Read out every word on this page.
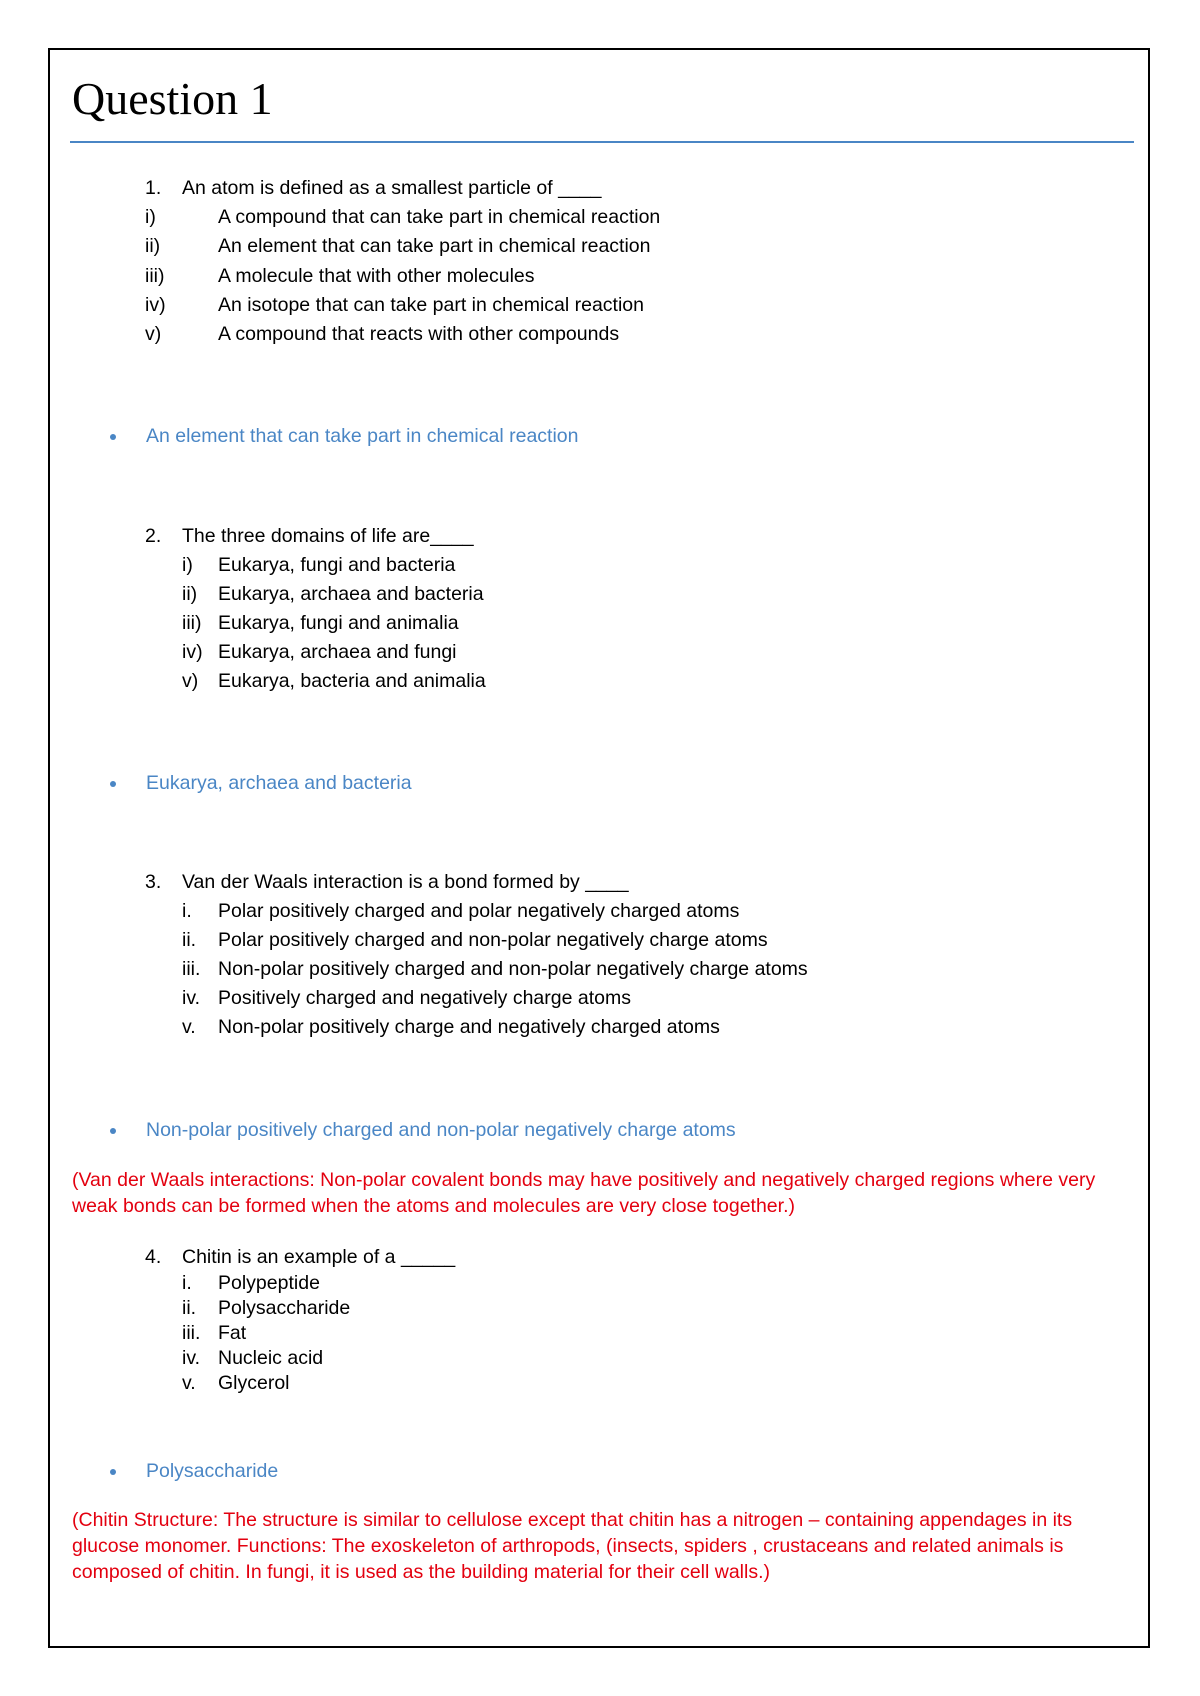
Question 1
1. An atom is defined as a smallest particle of ____
i)	A compound that can take part in chemical reaction
ii)	An element that can take part in chemical reaction
iii)	A molecule that with other molecules
iv)	An isotope that can take part in chemical reaction
v)	A compound that reacts with other compounds
An element that can take part in chemical reaction
2. The three domains of life are____
i) Eukarya, fungi and bacteria
ii) Eukarya, archaea and bacteria
iii) Eukarya, fungi and animalia
iv) Eukarya, archaea and fungi
v) Eukarya, bacteria and animalia
Eukarya, archaea and bacteria
3. Van der Waals interaction is a bond formed by ____
i. Polar positively charged and polar negatively charged atoms
ii. Polar positively charged and non-polar negatively charge atoms
iii. Non-polar positively charged and non-polar negatively charge atoms
iv. Positively charged and negatively charge atoms
v. Non-polar positively charge and negatively charged atoms
Non-polar positively charged and non-polar negatively charge atoms
(Van der Waals interactions: Non-polar covalent bonds may have positively and negatively charged regions where very weak bonds can be formed when the atoms and molecules are very close together.)
4. Chitin is an example of a _____
i. Polypeptide
ii. Polysaccharide
iii. Fat
iv. Nucleic acid
v. Glycerol
Polysaccharide
(Chitin Structure: The structure is similar to cellulose except that chitin has a nitrogen – containing appendages in its glucose monomer. Functions: The exoskeleton of arthropods, (insects, spiders , crustaceans and related animals is composed of chitin. In fungi, it is used as the building material for their cell walls.)
